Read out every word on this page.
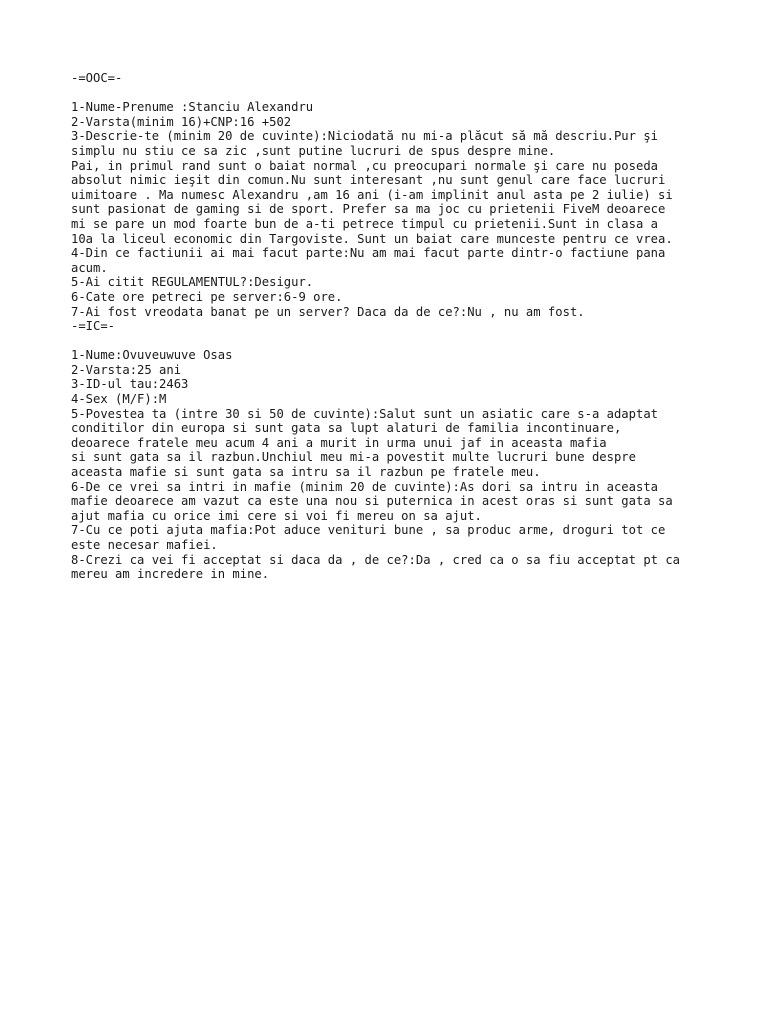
-=OOC=-
1-Nume-Prenume :Stanciu Alexandru
2-Varsta(minim 16)+CNP:16 +502
3-Descrie-te (minim 20 de cuvinte):Niciodată nu mi-a plăcut să mă descriu.Pur şi
simplu nu stiu ce sa zic ,sunt putine lucruri de spus despre mine.
Pai, in primul rand sunt o baiat normal ,cu preocupari normale şi care nu poseda
absolut nimic ieşit din comun.Nu sunt interesant ,nu sunt genul care face lucruri
uimitoare . Ma numesc Alexandru ,am 16 ani (i-am implinit anul asta pe 2 iulie) si
sunt pasionat de gaming si de sport. Prefer sa ma joc cu prietenii FiveM deoarece
mi se pare un mod foarte bun de a-ti petrece timpul cu prietenii.Sunt in clasa a
10a la liceul economic din Targoviste. Sunt un baiat care munceste pentru ce vrea.
4-Din ce factiunii ai mai facut parte:Nu am mai facut parte dintr-o factiune pana
acum.
5-Ai citit REGULAMENTUL?:Desigur.
6-Cate ore petreci pe server:6-9 ore.
7-Ai fost vreodata banat pe un server? Daca da de ce?:Nu , nu am fost.
-=IC=-
1-Nume:Ovuveuwuve Osas
2-Varsta:25 ani
3-ID-ul tau:2463
4-Sex (M/F):M
5-Povestea ta (intre 30 si 50 de cuvinte):Salut sunt un asiatic care s-a adaptat
conditilor din europa si sunt gata sa lupt alaturi de familia incontinuare,
deoarece fratele meu acum 4 ani a murit in urma unui jaf in aceasta mafia
si sunt gata sa il razbun.Unchiul meu mi-a povestit multe lucruri bune despre
aceasta mafie si sunt gata sa intru sa il razbun pe fratele meu.
6-De ce vrei sa intri in mafie (minim 20 de cuvinte):As dori sa intru in aceasta
mafie deoarece am vazut ca este una nou si puternica in acest oras si sunt gata sa
ajut mafia cu orice imi cere si voi fi mereu on sa ajut.
7-Cu ce poti ajuta mafia:Pot aduce venituri bune , sa produc arme, droguri tot ce
este necesar mafiei.
8-Crezi ca vei fi acceptat si daca da , de ce?:Da , cred ca o sa fiu acceptat pt ca
mereu am incredere in mine.
